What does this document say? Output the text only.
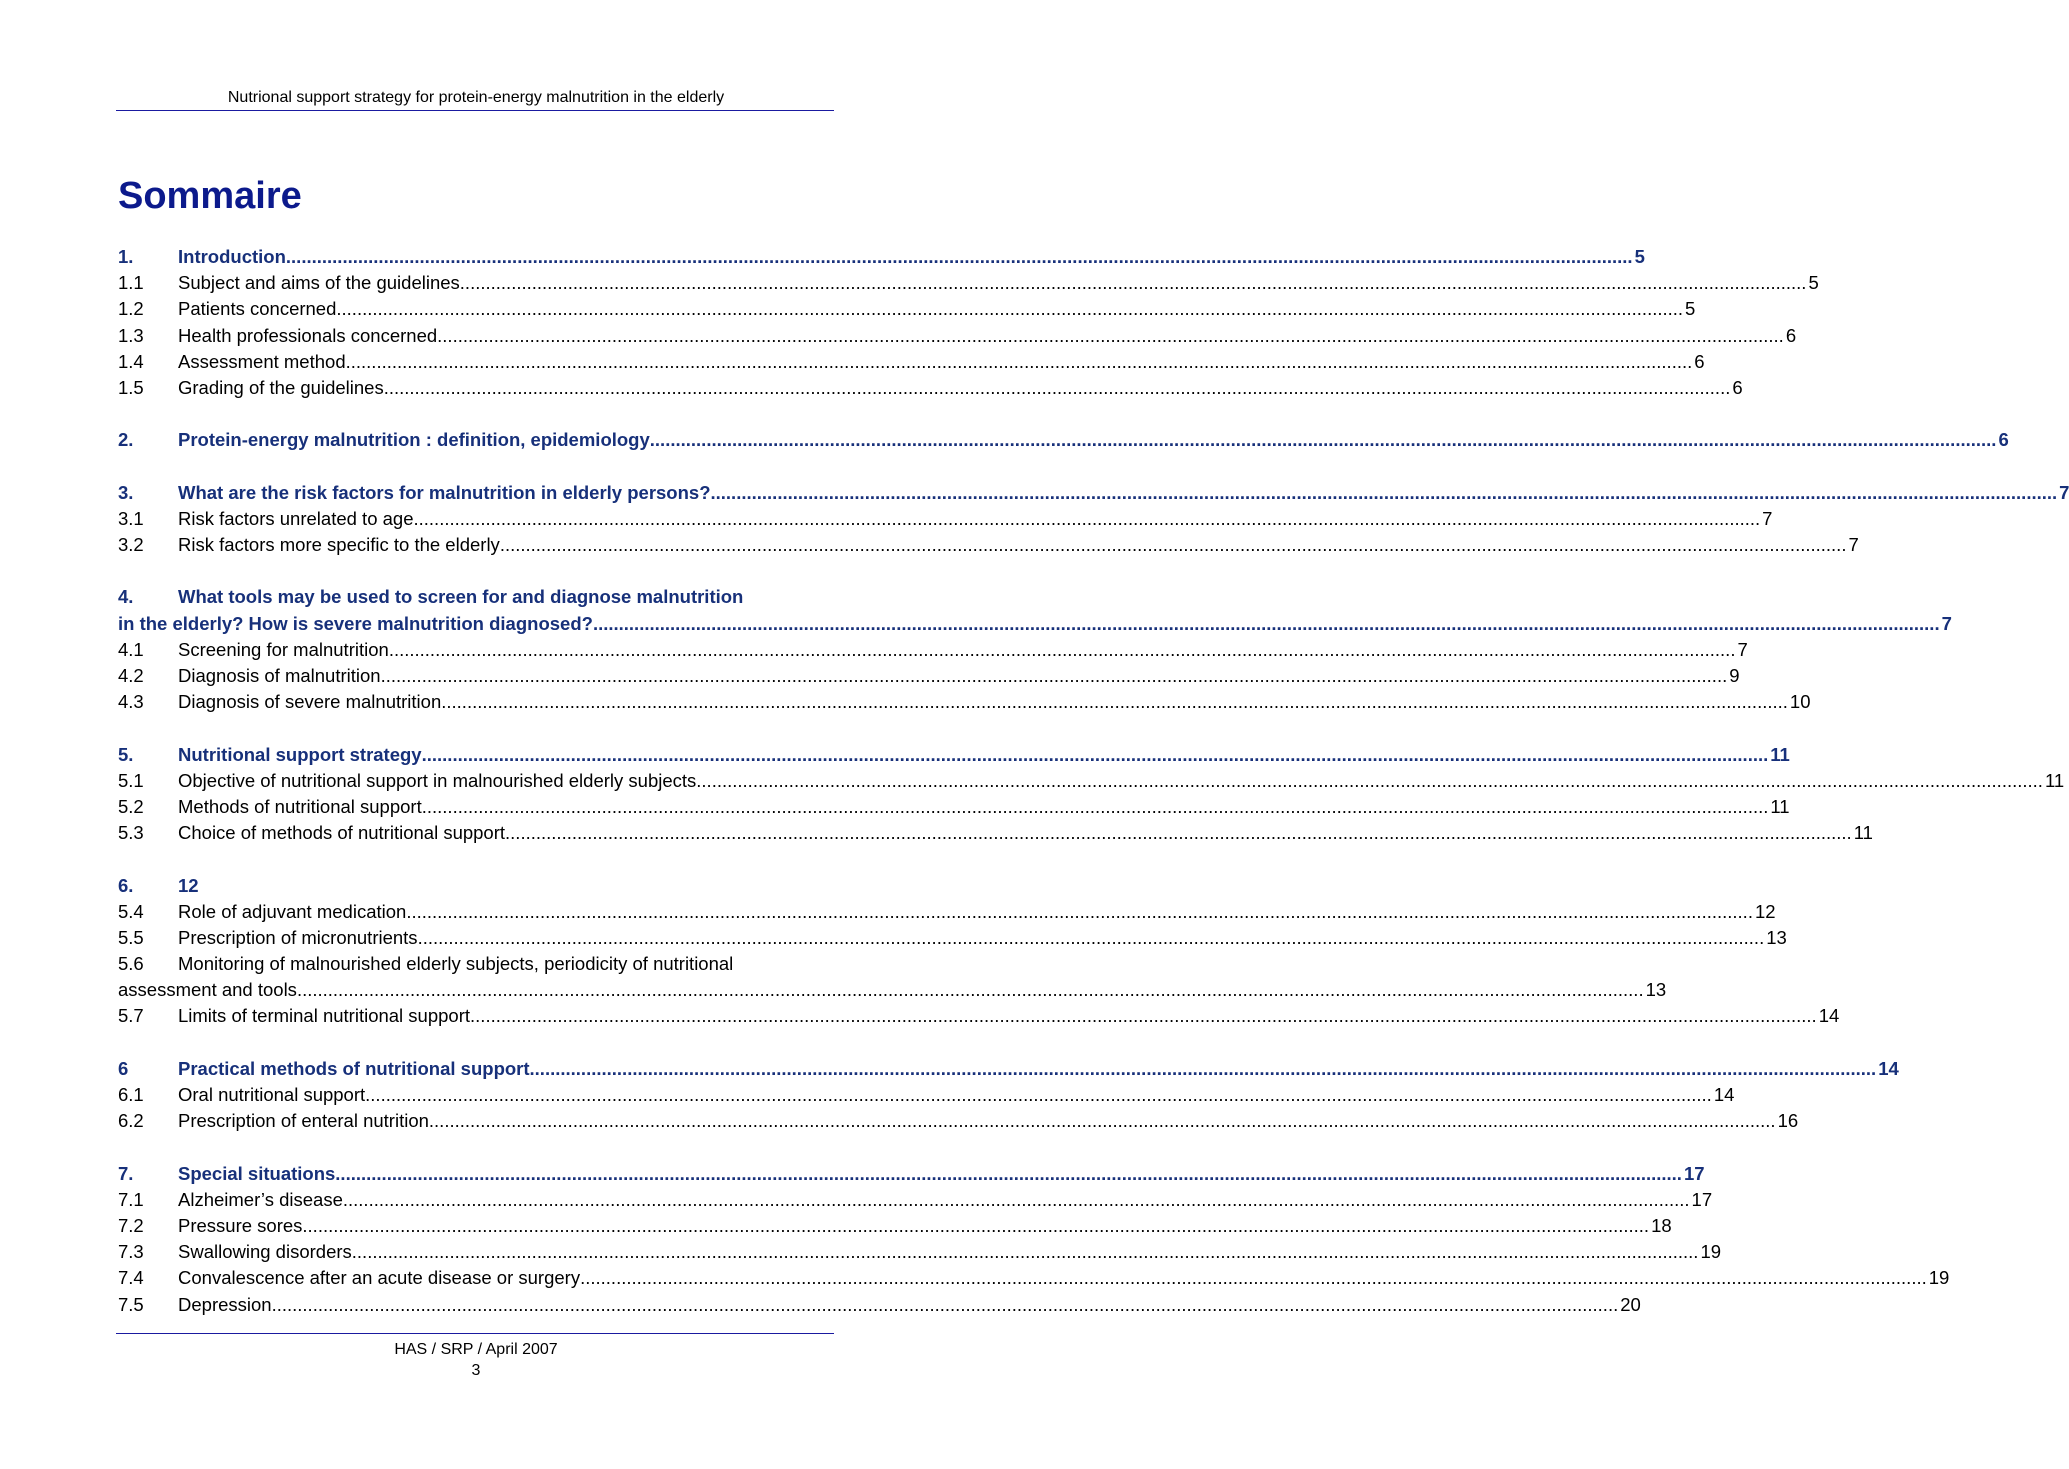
Nutrional support strategy for protein-energy malnutrition in the elderly
Sommaire
1. Introduction .....	5
1.1 Subject and aims of the guidelines .....	5
1.2 Patients concerned .....	5
1.3 Health professionals concerned .....	6
1.4 Assessment method .....	6
1.5 Grading of the guidelines .....	6
2. Protein-energy malnutrition : definition, epidemiology .....	6
3. What are the risk factors for malnutrition in elderly persons? .....	7
3.1 Risk factors unrelated to age .....	7
3.2 Risk factors more specific to the elderly .....	7
4. What tools may be used to screen for and diagnose malnutrition
in the elderly? How is severe malnutrition diagnosed? .....	7
4.1 Screening for malnutrition .....	7
4.2 Diagnosis of malnutrition .....	9
4.3 Diagnosis of severe malnutrition .....	10
5. Nutritional support strategy .....	11
5.1 Objective of nutritional support in malnourished elderly subjects .....	11
5.2 Methods of nutritional support .....	11
5.3 Choice of methods of nutritional support .....	11
6. 12
5.4 Role of adjuvant medication .....	12
5.5 Prescription of micronutrients .....	13
5.6 Monitoring of malnourished elderly subjects, periodicity of nutritional
assessment and tools .....	13
5.7 Limits of terminal nutritional support .....	14
6	Practical methods of nutritional support .....	14
6.1 Oral nutritional support .....	14
6.2 Prescription of enteral nutrition .....	16
7. Special situations .....	17
7.1 Alzheimer’s disease .....	17
7.2 Pressure sores .....	18
7.3 Swallowing disorders .....	19
7.4 Convalescence after an acute disease or surgery .....	19
7.5 Depression .....	20
HAS / SRP / April 2007
3
